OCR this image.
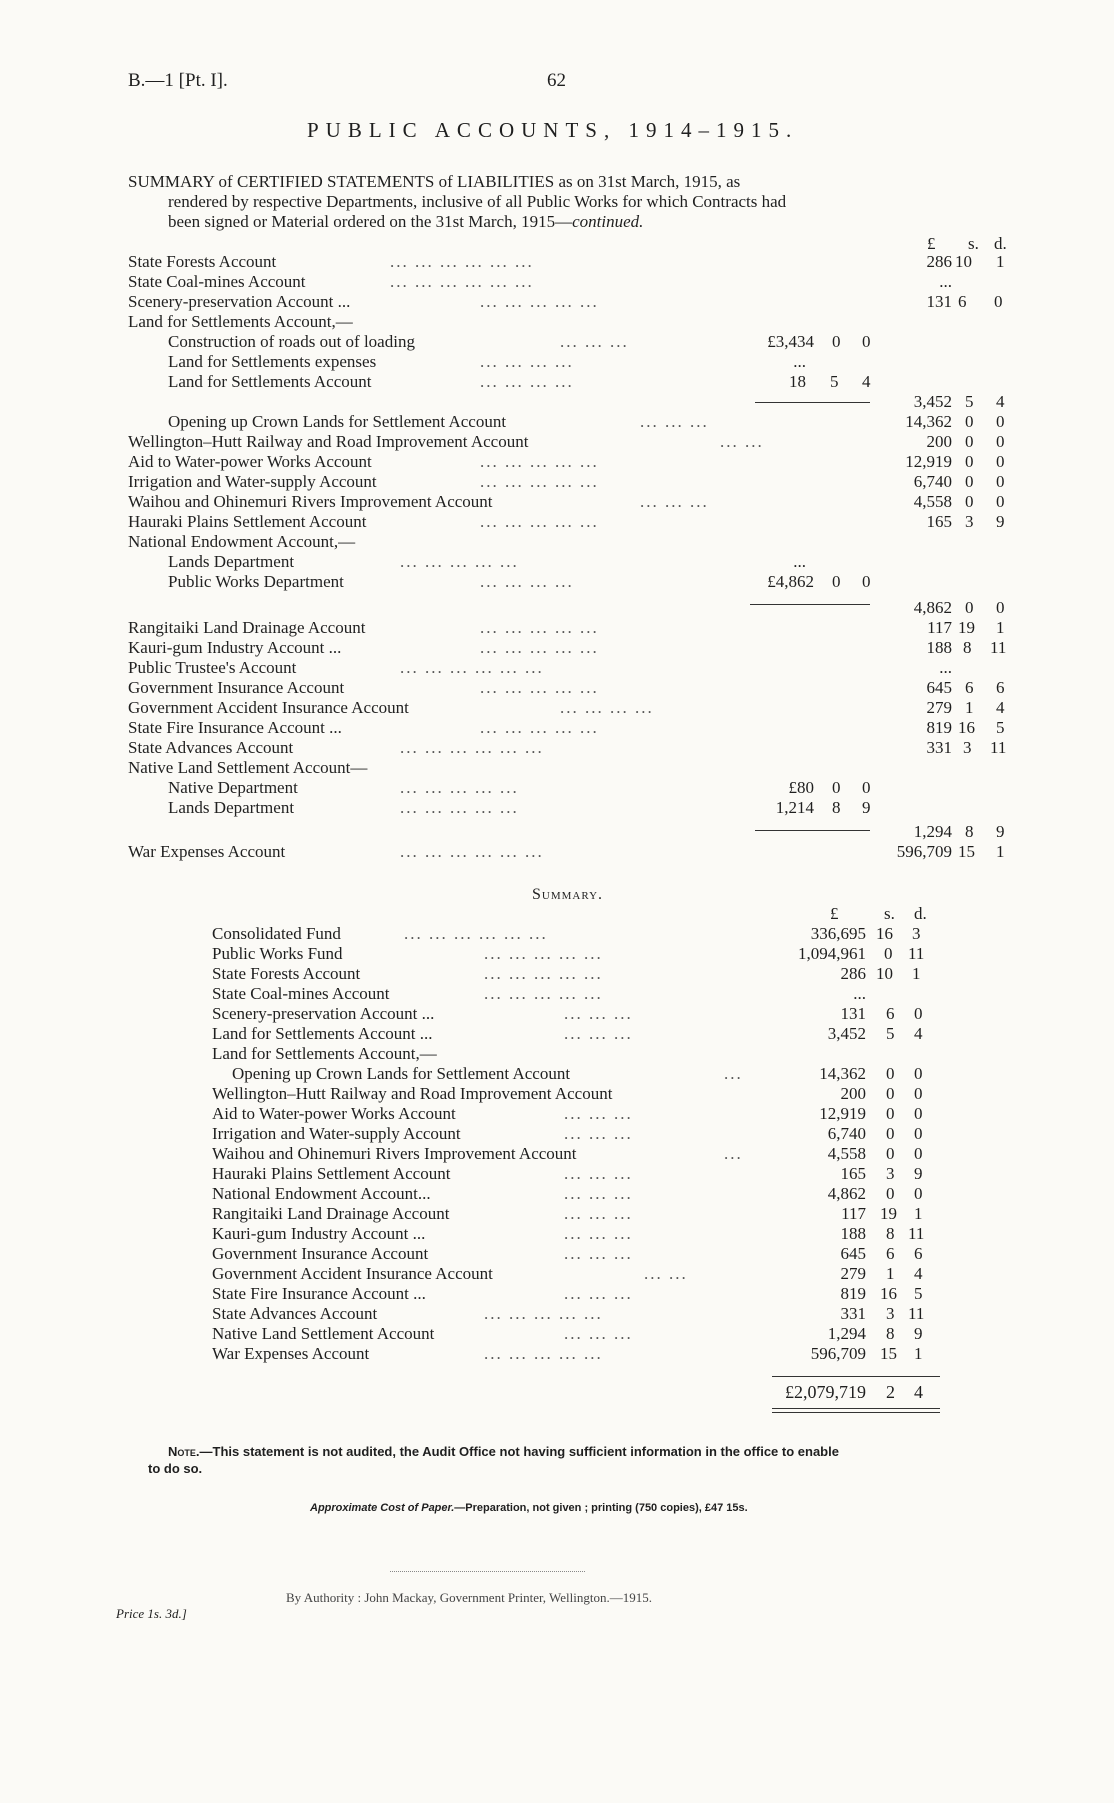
B.—1 [Pt. I].	62
PUBLIC ACCOUNTS, 1914–1915.
SUMMARY of CERTIFIED STATEMENTS of LIABILITIES as on 31st March, 1915, as
rendered by respective Departments, inclusive of all Public Works for which Contracts had
been signed or Material ordered on the 31st March, 1915—continued.
£ s. d.
State Forests Account	... ... ... ... ... ...	286 10 1
State Coal-mines Account	... ... ... ... ... ...	...
Scenery-preservation Account ...	... ... ... ... ...	131 6 0
Land for Settlements Account,—
Construction of roads out of loading	... ... ...	£3,434 0 0
Land for Settlements expenses	... ... ... ...	...
Land for Settlements Account	... ... ... ...	18 5 4
3,452 5 4
Opening up Crown Lands for Settlement Account	... ... ...	14,362 0 0
Wellington–Hutt Railway and Road Improvement Account	... ...	200 0 0
Aid to Water-power Works Account	... ... ... ... ...	12,919 0 0
Irrigation and Water-supply Account	... ... ... ... ...	6,740 0 0
Waihou and Ohinemuri Rivers Improvement Account	... ... ...	4,558 0 0
Hauraki Plains Settlement Account	... ... ... ... ...	165 3 9
National Endowment Account,—
Lands Department	... ... ... ... ...	...
Public Works Department	... ... ... ...	£4,862 0 0
4,862 0 0
Rangitaiki Land Drainage Account	... ... ... ... ...	117 19 1
Kauri-gum Industry Account ...	... ... ... ... ...	188 8 11
Public Trustee's Account	... ... ... ... ... ...	...
Government Insurance Account	... ... ... ... ...	645 6 6
Government Accident Insurance Account	... ... ... ...	279 1 4
State Fire Insurance Account ...	... ... ... ... ...	819 16 5
State Advances Account	... ... ... ... ... ...	331 3 11
Native Land Settlement Account—
Native Department	... ... ... ... ...	£80 0 0
Lands Department	... ... ... ... ...	1,214 8 9
1,294 8 9
War Expenses Account	... ... ... ... ... ...	596,709 15 1
Summary.
£	s. d.
Consolidated Fund	... ... ... ... ... ...	336,695 16 3
Public Works Fund	... ... ... ... ...	1,094,961 0 11
State Forests Account	... ... ... ... ...	286 10 1
State Coal-mines Account	... ... ... ... ...	...
Scenery-preservation Account ...	... ... ...	131 6 0
Land for Settlements Account ...	... ... ...	3,452 5 4
Land for Settlements Account,—
Opening up Crown Lands for Settlement Account	...	14,362 0 0
Wellington–Hutt Railway and Road Improvement Account	200 0 0
Aid to Water-power Works Account	... ... ...	12,919 0 0
Irrigation and Water-supply Account	... ... ...	6,740 0 0
Waihou and Ohinemuri Rivers Improvement Account	...	4,558 0 0
Hauraki Plains Settlement Account	... ... ...	165 3 9
National Endowment Account...	... ... ...	4,862 0 0
Rangitaiki Land Drainage Account	... ... ...	117 19 1
Kauri-gum Industry Account ...	... ... ...	188 8 11
Government Insurance Account	... ... ...	645 6 6
Government Accident Insurance Account	... ...	279 1 4
State Fire Insurance Account ...	... ... ...	819 16 5
State Advances Account	... ... ... ... ...	331 3 11
Native Land Settlement Account	... ... ...	1,294 8 9
War Expenses Account	... ... ... ... ...	596,709 15 1
£2,079,719 2 4
Note.—This statement is not audited, the Audit Office not having sufficient information in the office to enable
to do so.
Approximate Cost of Paper.—Preparation, not given ; printing (750 copies), £47 15s.
By Authority : John Mackay, Government Printer, Wellington.—1915.
Price 1s. 3d.]
